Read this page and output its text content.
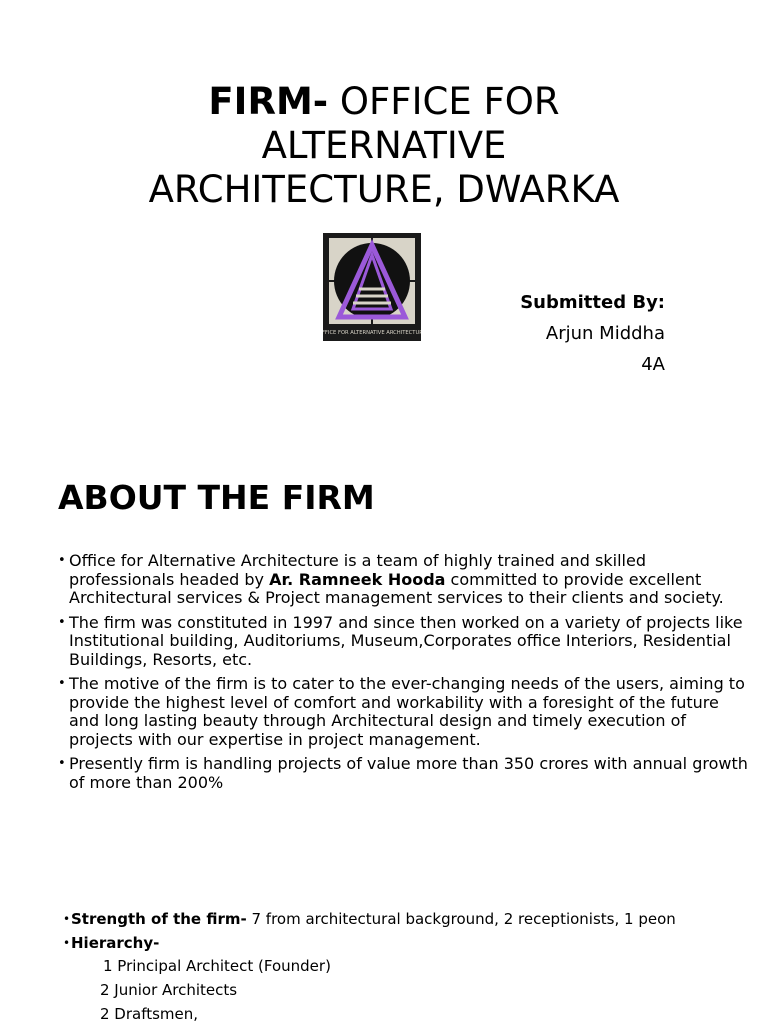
FIRM- OFFICE FOR
ALTERNATIVE
ARCHITECTURE, DWARKA
OFFICE FOR ALTERNATIVE ARCHITECTURE
Submitted By:
Arjun Middha
4A
ABOUT THE FIRM
• Office for Alternative Architecture is a team of highly trained and skilled professionals headed by Ar. Ramneek Hooda committed to provide excellent Architectural services & Project management services to their clients and society.
• The firm was constituted in 1997 and since then worked on a variety of projects like Institutional building, Auditoriums, Museum,Corporates office Interiors, Residential Buildings, Resorts, etc.
• The motive of the firm is to cater to the ever-changing needs of the users, aiming to provide the highest level of comfort and workability with a foresight of the future and long lasting beauty through Architectural design and timely execution of projects with our expertise in project management.
• Presently firm is handling projects of value more than 350 crores with annual growth of more than 200%
• Strength of the firm- 7 from architectural background, 2 receptionists, 1 peon
• Hierarchy-
1 Principal Architect (Founder)
2 Junior Architects
2 Draftsmen,
